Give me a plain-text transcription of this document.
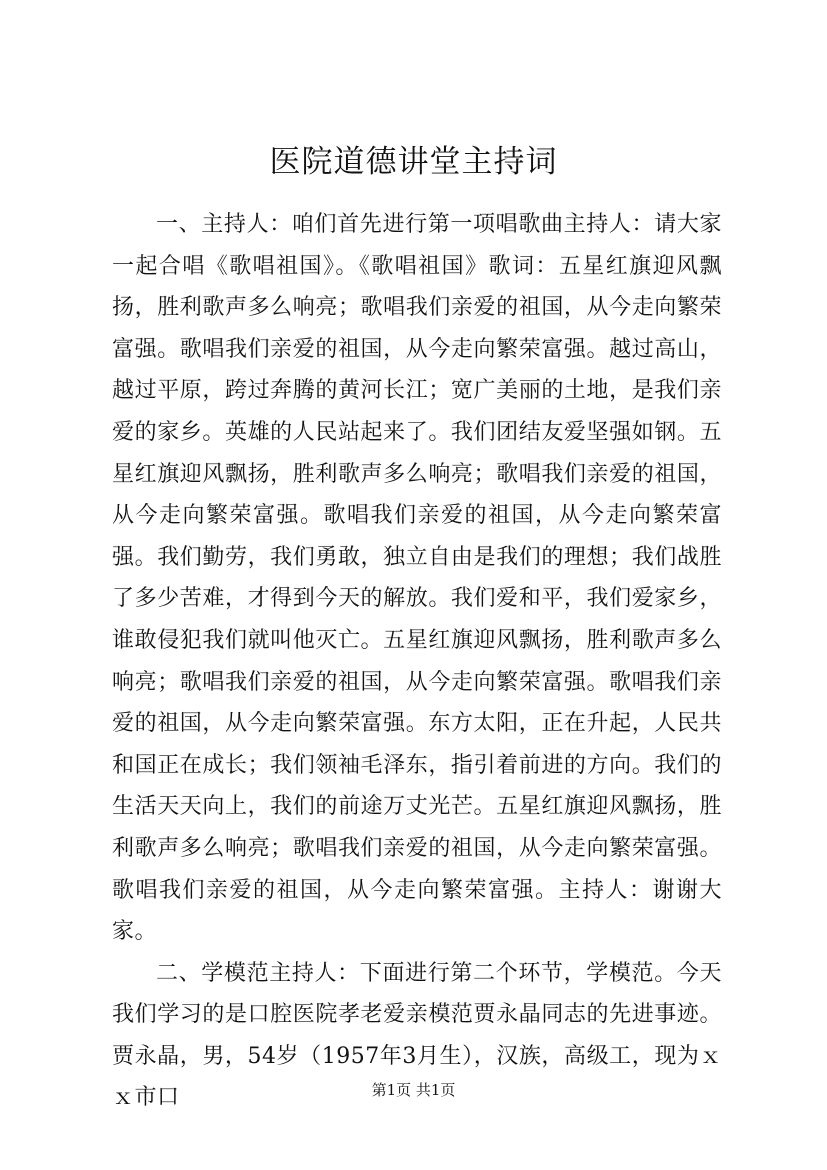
医院道德讲堂主持词

一、主持人：咱们首先进行第一项唱歌曲主持人：请大家一起合唱《歌唱祖国》。《歌唱祖国》歌词：五星红旗迎风飘扬，胜利歌声多么响亮；歌唱我们亲爱的祖国，从今走向繁荣富强。歌唱我们亲爱的祖国，从今走向繁荣富强。越过高山，越过平原，跨过奔腾的黄河长江；宽广美丽的土地，是我们亲爱的家乡。英雄的人民站起来了。我们团结友爱坚强如钢。五星红旗迎风飘扬，胜利歌声多么响亮；歌唱我们亲爱的祖国，从今走向繁荣富强。歌唱我们亲爱的祖国，从今走向繁荣富强。我们勤劳，我们勇敢，独立自由是我们的理想；我们战胜了多少苦难，才得到今天的解放。我们爱和平，我们爱家乡，谁敢侵犯我们就叫他灭亡。五星红旗迎风飘扬，胜利歌声多么响亮；歌唱我们亲爱的祖国，从今走向繁荣富强。歌唱我们亲爱的祖国，从今走向繁荣富强。东方太阳，正在升起，人民共和国正在成长；我们领袖毛泽东，指引着前进的方向。我们的生活天天向上，我们的前途万丈光芒。五星红旗迎风飘扬，胜利歌声多么响亮；歌唱我们亲爱的祖国，从今走向繁荣富强。歌唱我们亲爱的祖国，从今走向繁荣富强。主持人：谢谢大家。

二、学模范主持人：下面进行第二个环节，学模范。今天我们学习的是口腔医院孝老爱亲模范贾永晶同志的先进事迹。贾永晶，男，54岁（1957年3月生），汉族，高级工，现为ｘｘ市口	第1页 共1页
